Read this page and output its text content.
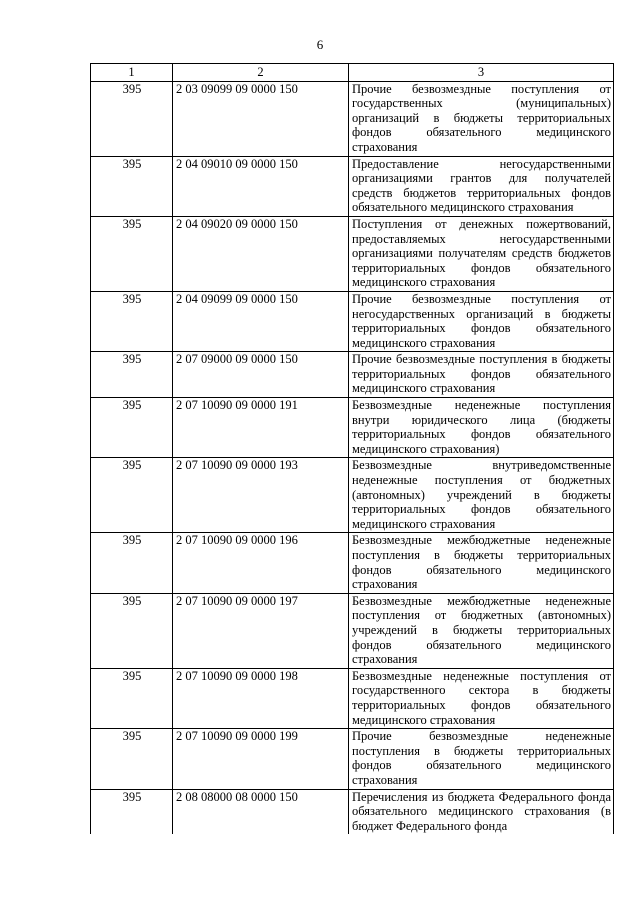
6
1	2	3
395	2 03 09099 09 0000 150	Прочие безвозмездные поступления от государственных (муниципальных) организаций в бюджеты территориальных фондов обязательного медицинского страхования
395	2 04 09010 09 0000 150	Предоставление негосударственными организациями грантов для получателей средств бюджетов территориальных фондов обязательного медицинского страхования
395	2 04 09020 09 0000 150	Поступления от денежных пожертвований, предоставляемых негосударственными организациями получателям средств бюджетов территориальных фондов обязательного медицинского страхования
395	2 04 09099 09 0000 150	Прочие безвозмездные поступления от негосударственных организаций в бюджеты территориальных фондов обязательного медицинского страхования
395	2 07 09000 09 0000 150	Прочие безвозмездные поступления в бюджеты территориальных фондов обязательного медицинского страхования
395	2 07 10090 09 0000 191	Безвозмездные неденежные поступления внутри юридического лица (бюджеты территориальных фондов обязательного медицинского страхования)
395	2 07 10090 09 0000 193	Безвозмездные внутриведомственные неденежные поступления от бюджетных (автономных) учреждений в бюджеты территориальных фондов обязательного медицинского страхования
395	2 07 10090 09 0000 196	Безвозмездные межбюджетные неденежные поступления в бюджеты территориальных фондов обязательного медицинского страхования
395	2 07 10090 09 0000 197	Безвозмездные межбюджетные неденежные поступления от бюджетных (автономных) учреждений в бюджеты территориальных фондов обязательного медицинского страхования
395	2 07 10090 09 0000 198	Безвозмездные неденежные поступления от государственного сектора в бюджеты территориальных фондов обязательного медицинского страхования
395	2 07 10090 09 0000 199	Прочие безвозмездные неденежные поступления в бюджеты территориальных фондов обязательного медицинского страхования
395	2 08 08000 08 0000 150	Перечисления из бюджета Федерального фонда обязательного медицинского страхования (в бюджет Федерального фонда
